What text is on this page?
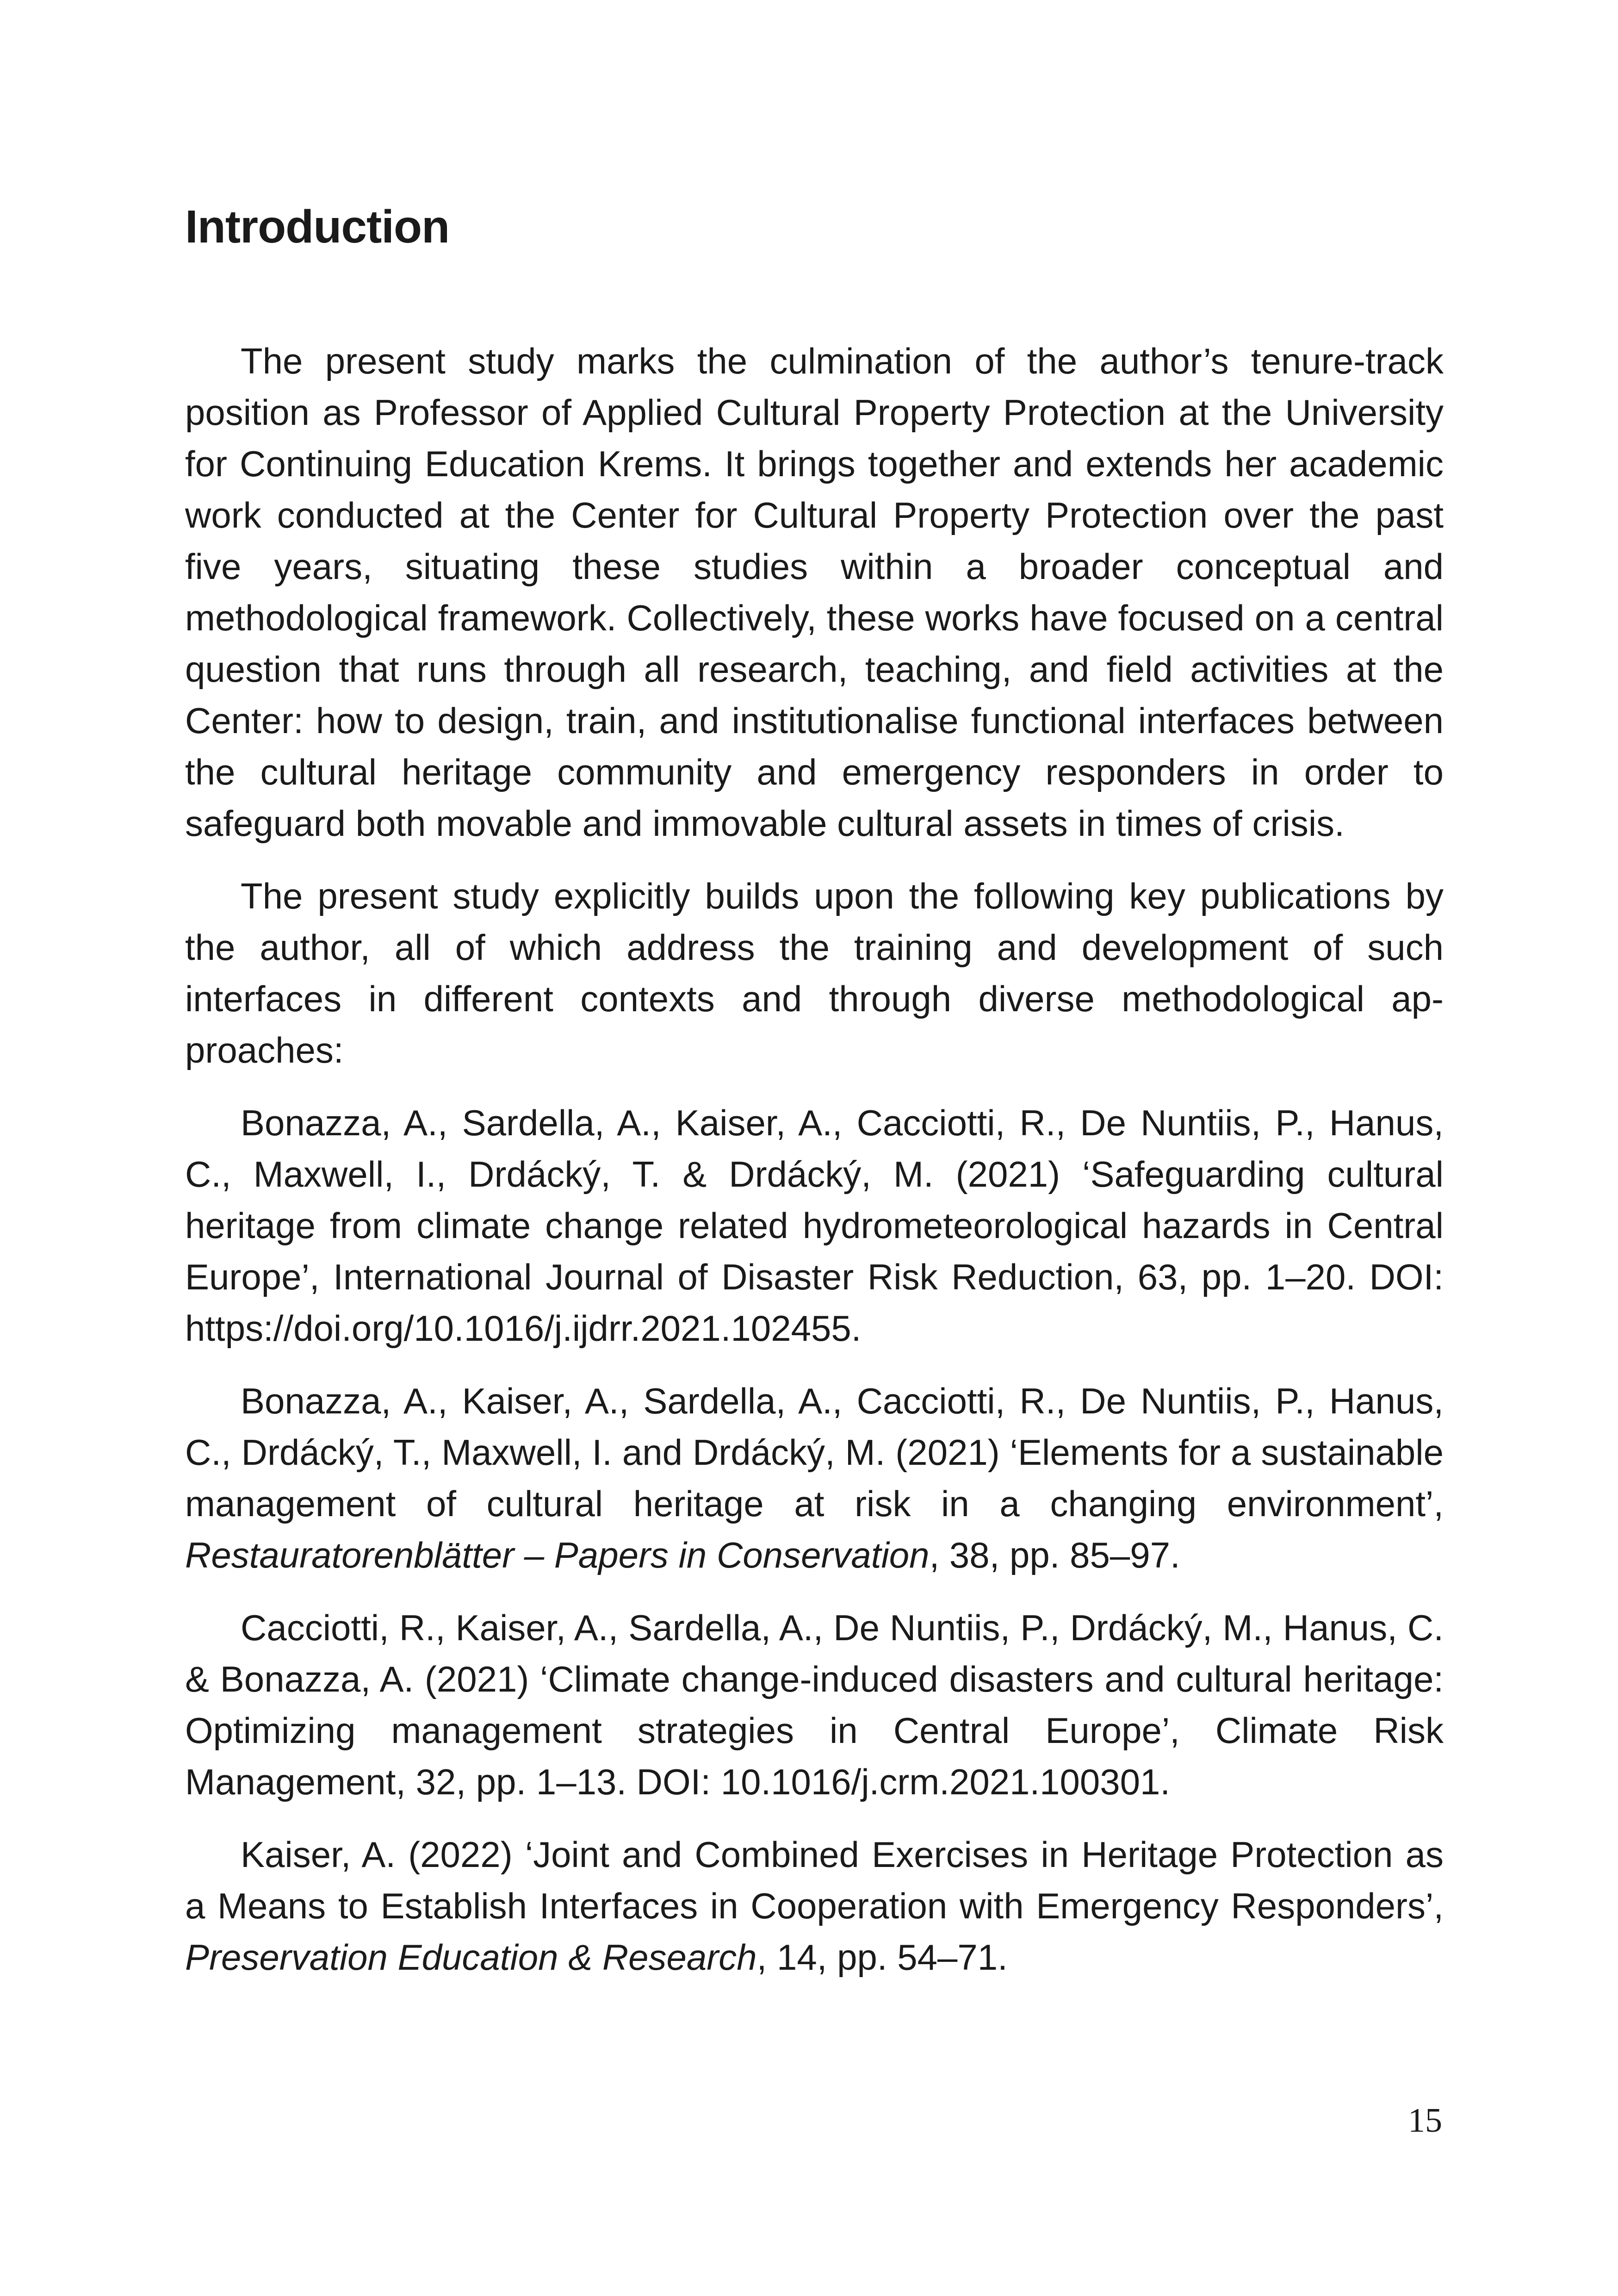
Introduction

The present study marks the culmination of the author’s tenure-track position as Professor of Applied Cultural Property Protection at the University for Continuing Education Krems. It brings together and extends her academic work conducted at the Center for Cultural Property Protection over the past five years, situating these studies within a broader conceptual and methodological framework. Collectively, these works have focused on a central question that runs through all research, teaching, and field activities at the Center: how to design, train, and institutionalise functional interfaces between the cultural heritage community and emergency responders in order to safeguard both movable and immovable cultural assets in times of crisis.

The present study explicitly builds upon the following key publications by the author, all of which address the training and development of such interfaces in different contexts and through diverse methodological approaches:

Bonazza, A., Sardella, A., Kaiser, A., Cacciotti, R., De Nuntiis, P., Hanus, C., Maxwell, I., Drdácký, T. & Drdácký, M. (2021) ‘Safeguarding cultural heritage from climate change related hydrometeorological hazards in Central Europe’, International Journal of Disaster Risk Reduction, 63, pp. 1–20. DOI: https://doi.org/10.1016/j.ijdrr.2021.102455.

Bonazza, A., Kaiser, A., Sardella, A., Cacciotti, R., De Nuntiis, P., Hanus, C., Drdácký, T., Maxwell, I. and Drdácký, M. (2021) ‘Elements for a sustainable management of cultural heritage at risk in a changing environment’, Restauratorenblätter – Papers in Conservation, 38, pp. 85–97.

Cacciotti, R., Kaiser, A., Sardella, A., De Nuntiis, P., Drdácký, M., Hanus, C. & Bonazza, A. (2021) ‘Climate change-induced disasters and cultural heritage: Optimizing management strategies in Central Europe’, Climate Risk Management, 32, pp. 1–13. DOI: 10.1016/j.crm.2021.100301.

Kaiser, A. (2022) ‘Joint and Combined Exercises in Heritage Protection as a Means to Establish Interfaces in Cooperation with Emergency Responders’, Preservation Education & Research, 14, pp. 54–71.

15
